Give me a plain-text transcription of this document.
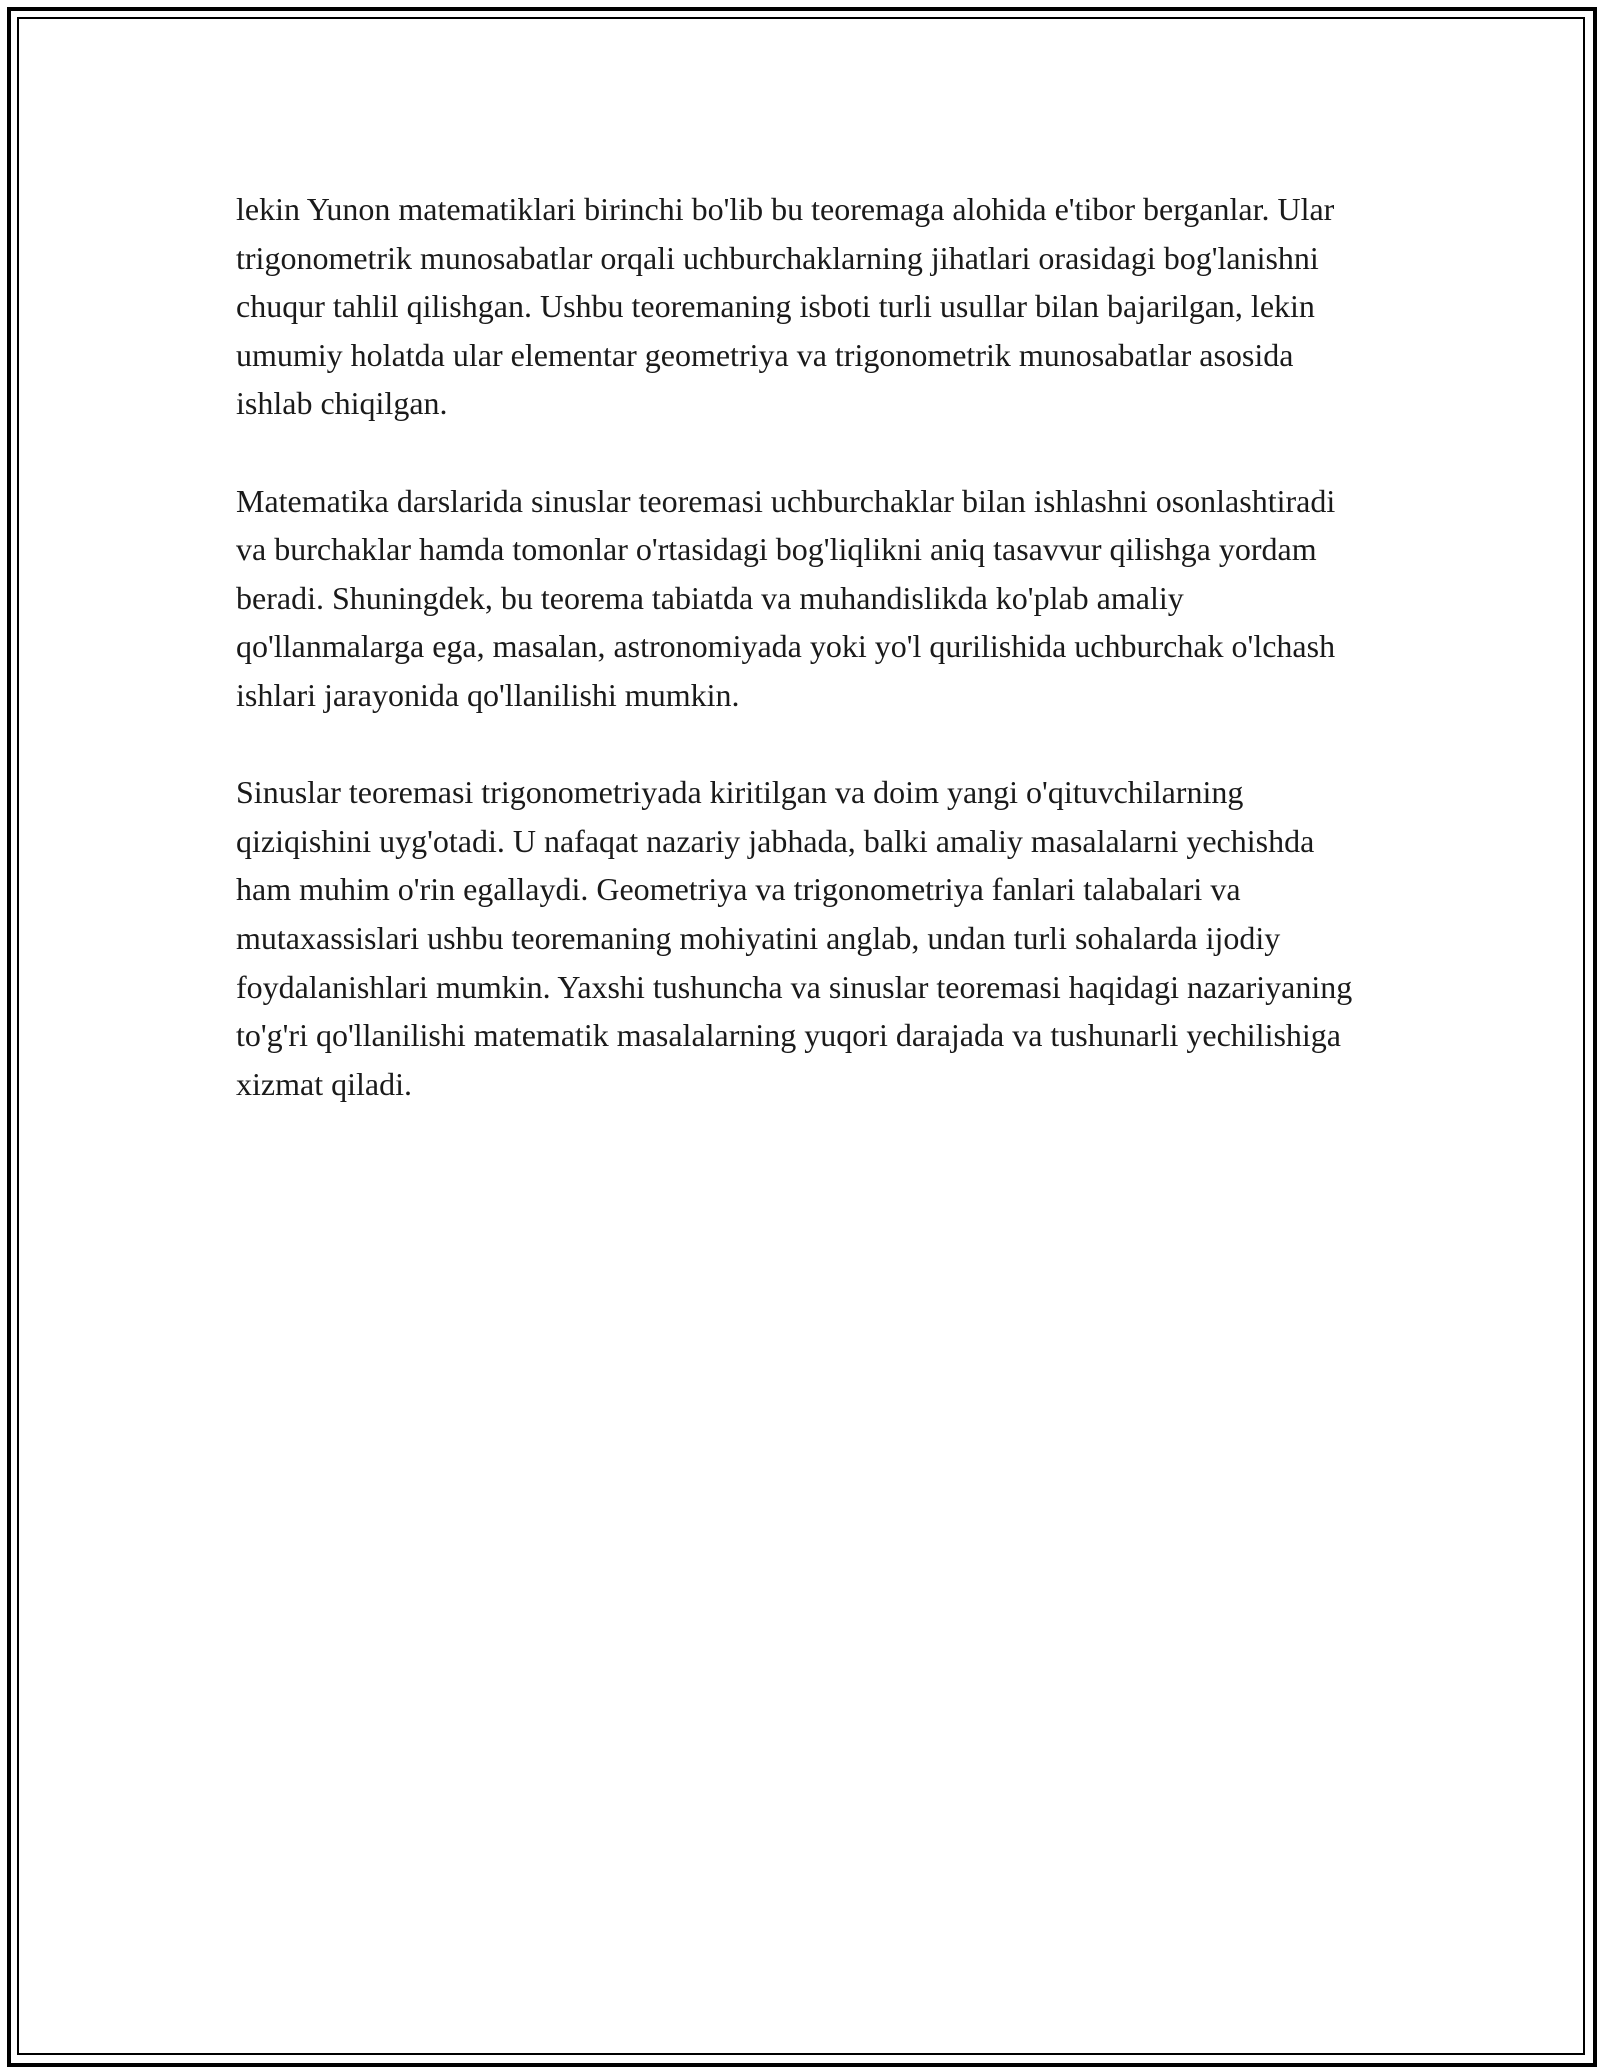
lekin Yunon matematiklari birinchi bo'lib bu teoremaga alohida e'tibor berganlar. Ular trigonometrik munosabatlar orqali uchburchaklarning jihatlari orasidagi bog'lanishni chuqur tahlil qilishgan. Ushbu teoremaning isboti turli usullar bilan bajarilgan, lekin umumiy holatda ular elementar geometriya va trigonometrik munosabatlar asosida ishlab chiqilgan.

Matematika darslarida sinuslar teoremasi uchburchaklar bilan ishlashni osonlashtiradi va burchaklar hamda tomonlar o'rtasidagi bog'liqlikni aniq tasavvur qilishga yordam beradi. Shuningdek, bu teorema tabiatda va muhandislikda ko'plab amaliy qo'llanmalarga ega, masalan, astronomiyada yoki yo'l qurilishida uchburchak o'lchash ishlari jarayonida qo'llanilishi mumkin.

Sinuslar teoremasi trigonometriyada kiritilgan va doim yangi o'qituvchilarning qiziqishini uyg'otadi. U nafaqat nazariy jabhada, balki amaliy masalalarni yechishda ham muhim o'rin egallaydi. Geometriya va trigonometriya fanlari talabalari va mutaxassislari ushbu teoremaning mohiyatini anglab, undan turli sohalarda ijodiy foydalanishlari mumkin. Yaxshi tushuncha va sinuslar teoremasi haqidagi nazariyaning to'g'ri qo'llanilishi matematik masalalarning yuqori darajada va tushunarli yechilishiga xizmat qiladi.
